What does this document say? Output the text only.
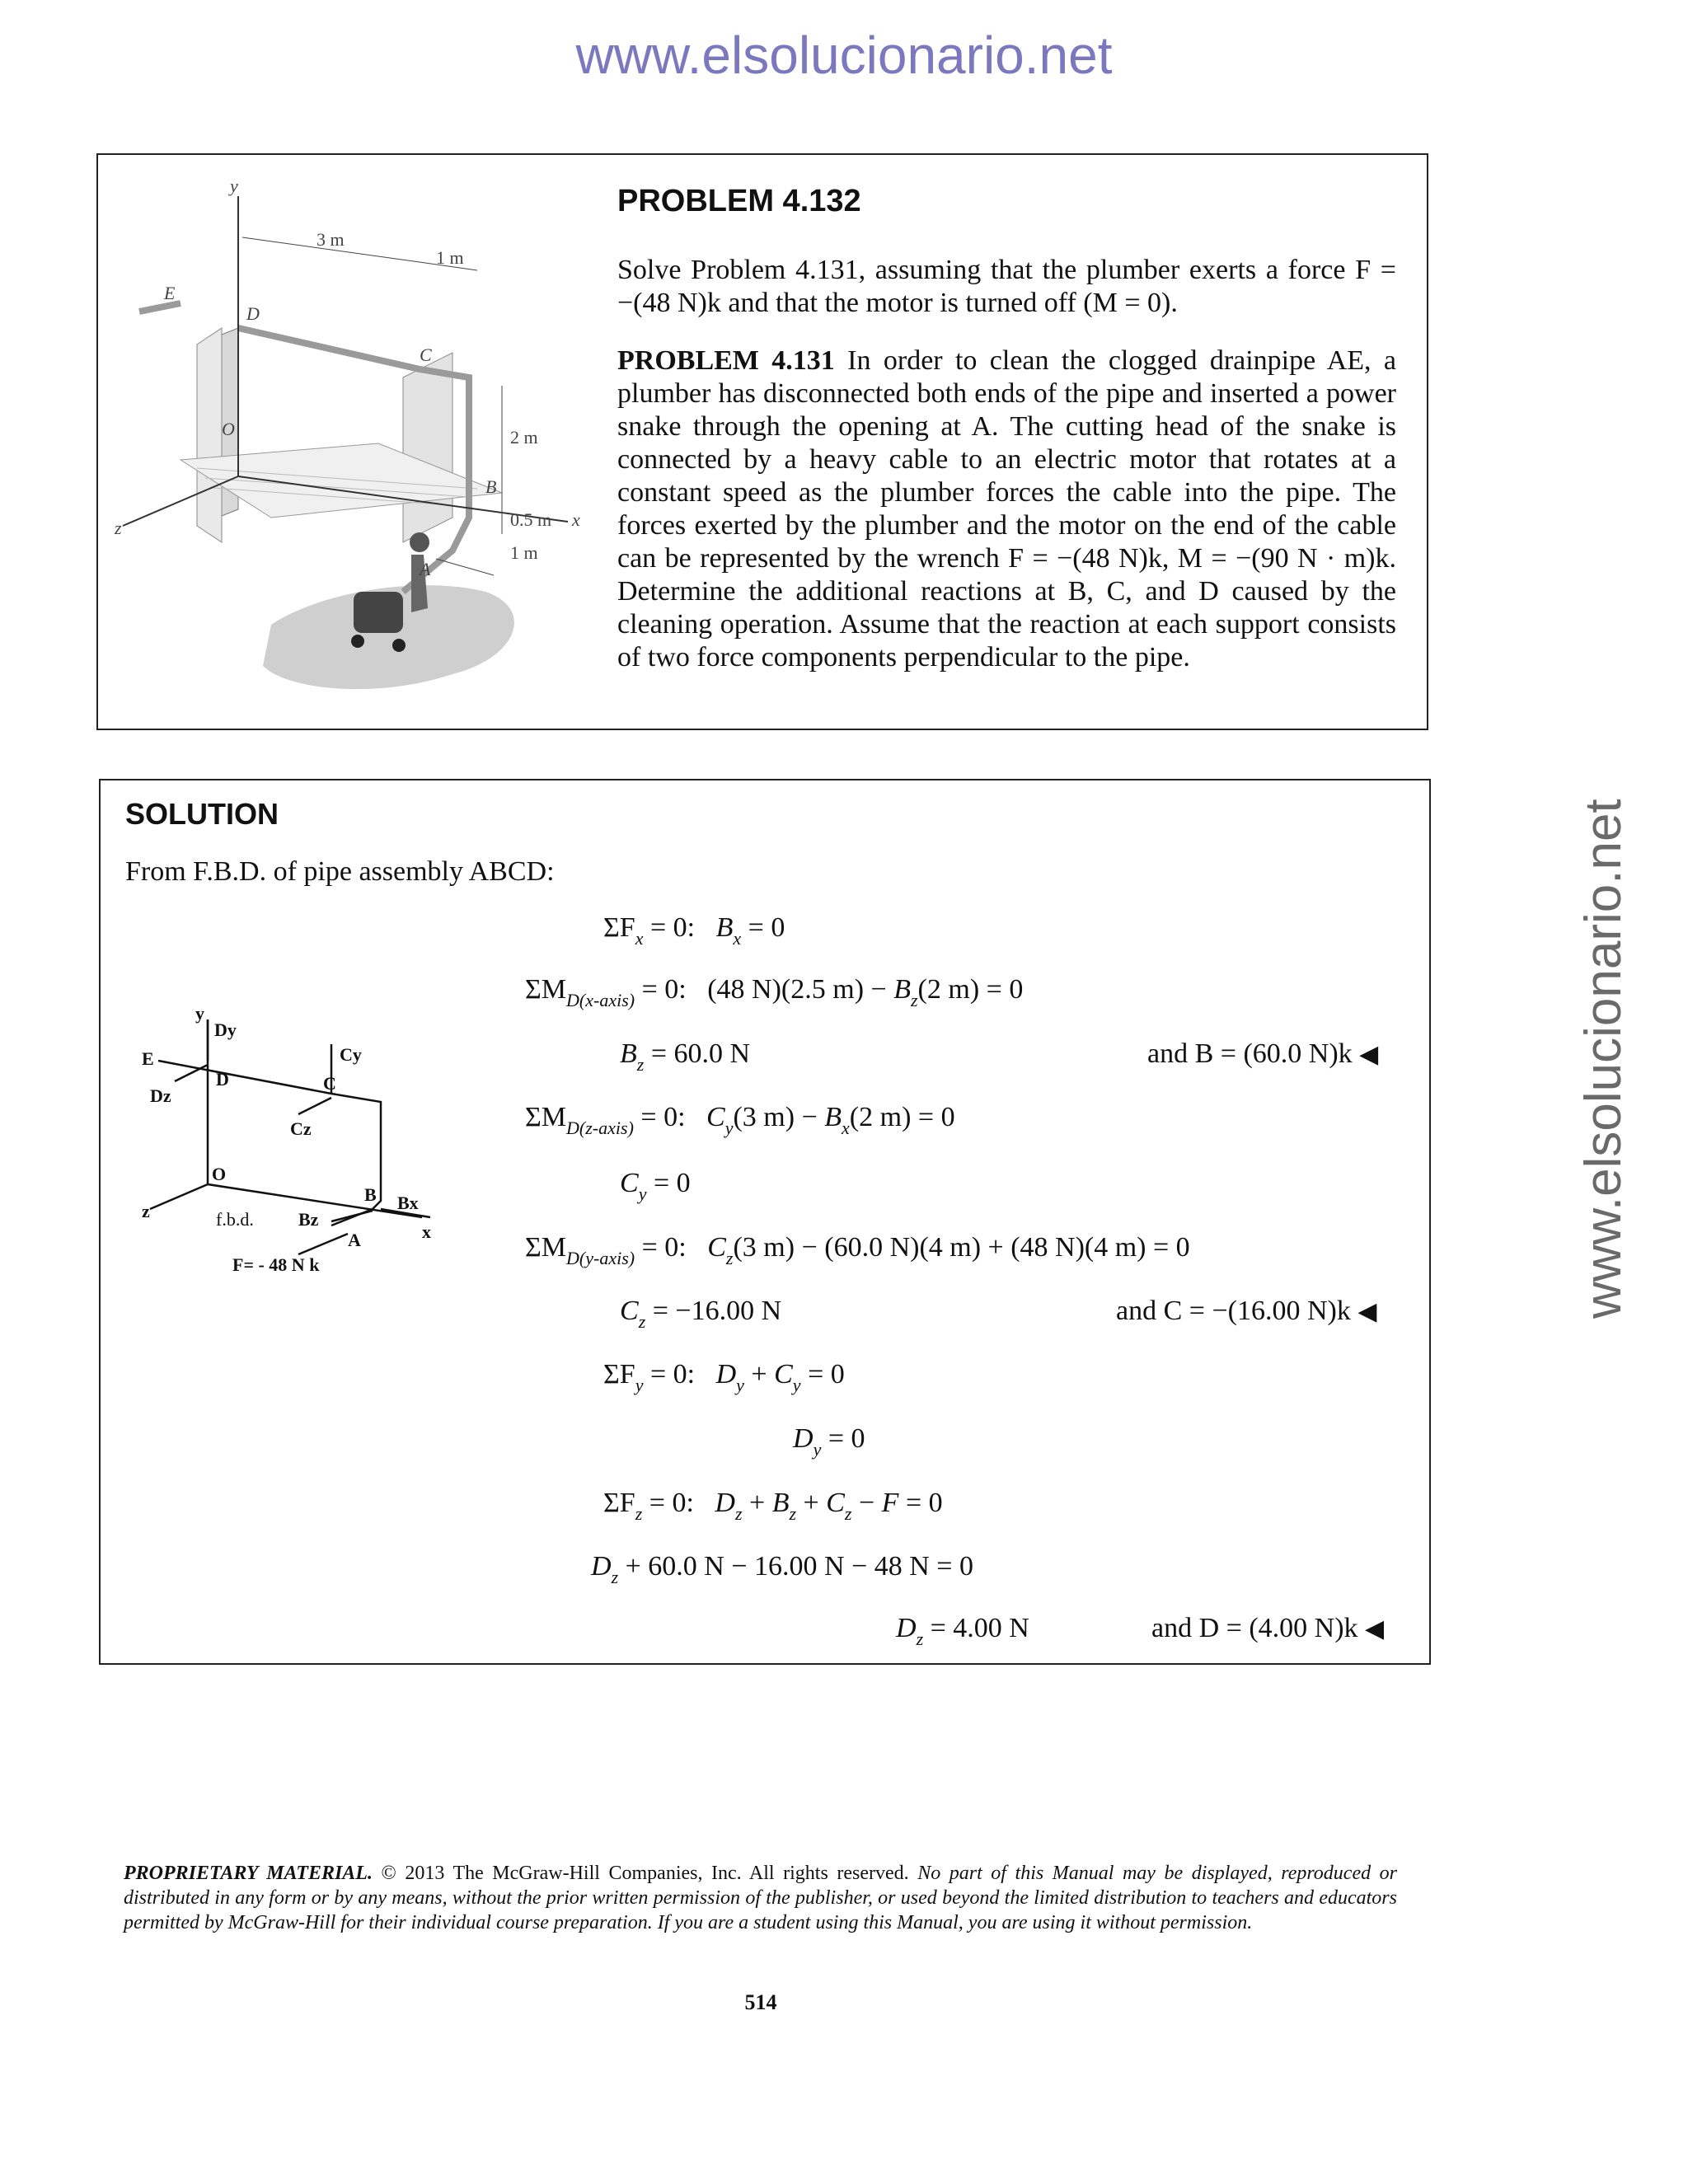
www.elsolucionario.net
www.elsolucionario.net
y
z	x
E
D
C
O
B
A
3 m
1 m
2 m
0.5 m
1 m
PROBLEM 4.132

Solve Problem 4.131, assuming that the plumber exerts a force F = −(48 N)k and that the motor is turned off (M = 0).

PROBLEM 4.131 In order to clean the clogged drainpipe AE, a plumber has disconnected both ends of the pipe and inserted a power snake through the opening at A. The cutting head of the snake is connected by a heavy cable to an electric motor that rotates at a constant speed as the plumber forces the cable into the pipe. The forces exerted by the plumber and the motor on the end of the cable can be represented by the wrench F = −(48 N)k, M = −(90 N · m)k. Determine the additional reactions at B, C, and D caused by the cleaning operation. Assume that the reaction at each support consists of two force components perpendicular to the pipe.

SOLUTION
From F.B.D. of pipe assembly ABCD:
y
Dy
Cy
E
D	C
Dz
Cz
O
B Bx
z
x
f.b.d. Bz
A
F= - 48 N k
$\Sigma F_x = 0$:   $B_x = 0$
$\Sigma M_{D(x-axis)} = 0$:   (48 N)(2.5 $m) - B_z(2$ m) = 0
$B_z = 60.0$ N	and B = (60.0 N)k ◀
$\Sigma M_{D(z-axis)} = 0$:   $C_y(3$ $m) - B_x(2$ m) = 0
$C_y = 0$
$\Sigma M_{D(y-axis)} = 0$:   $C_z(3$ m) − (60.0 N)(4 m) + (48 N)(4 m) = 0
$C_z = -16.00$ N	and C = −(16.00 N)k ◀
$\Sigma F_y = 0$:   $D_y + C_y = 0$
$D_y = 0$
$\Sigma F_z = 0$:   $D_z + B_z + C_z - F = 0$
$D_z + 60.0$ N − 16.00 N − 48 N = 0
$D_z = 4.00$ N	and D = (4.00 N)k ◀
PROPRIETARY MATERIAL. © 2013 The McGraw-Hill Companies, Inc. All rights reserved. No part of this Manual may be displayed, reproduced or distributed in any form or by any means, without the prior written permission of the publisher, or used beyond the limited distribution to teachers and educators permitted by McGraw-Hill for their individual course preparation. If you are a student using this Manual, you are using it without permission.
514
